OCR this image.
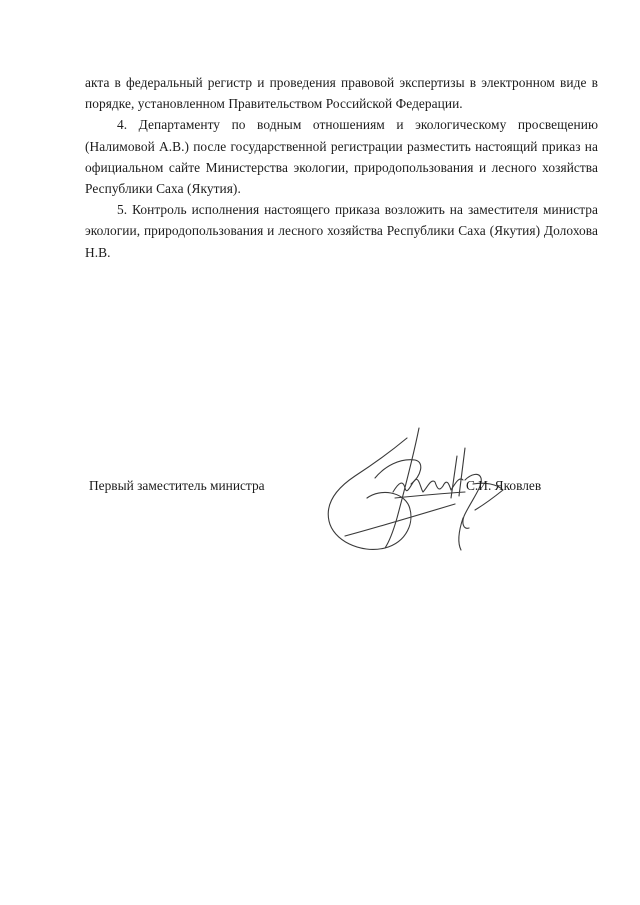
акта в федеральный регистр и проведения правовой экспертизы в электронном виде в порядке, установленном Правительством Российской Федерации.

4. Департаменту по водным отношениям и экологическому просвещению (Налимовой А.В.) после государственной регистрации разместить настоящий приказ на официальном сайте Министерства экологии, природопользования и лесного хозяйства Республики Саха (Якутия).

5. Контроль исполнения настоящего приказа возложить на заместителя министра экологии, природопользования и лесного хозяйства Республики Саха (Якутия) Долохова Н.В.

Первый заместитель министра	С.И. Яковлев
